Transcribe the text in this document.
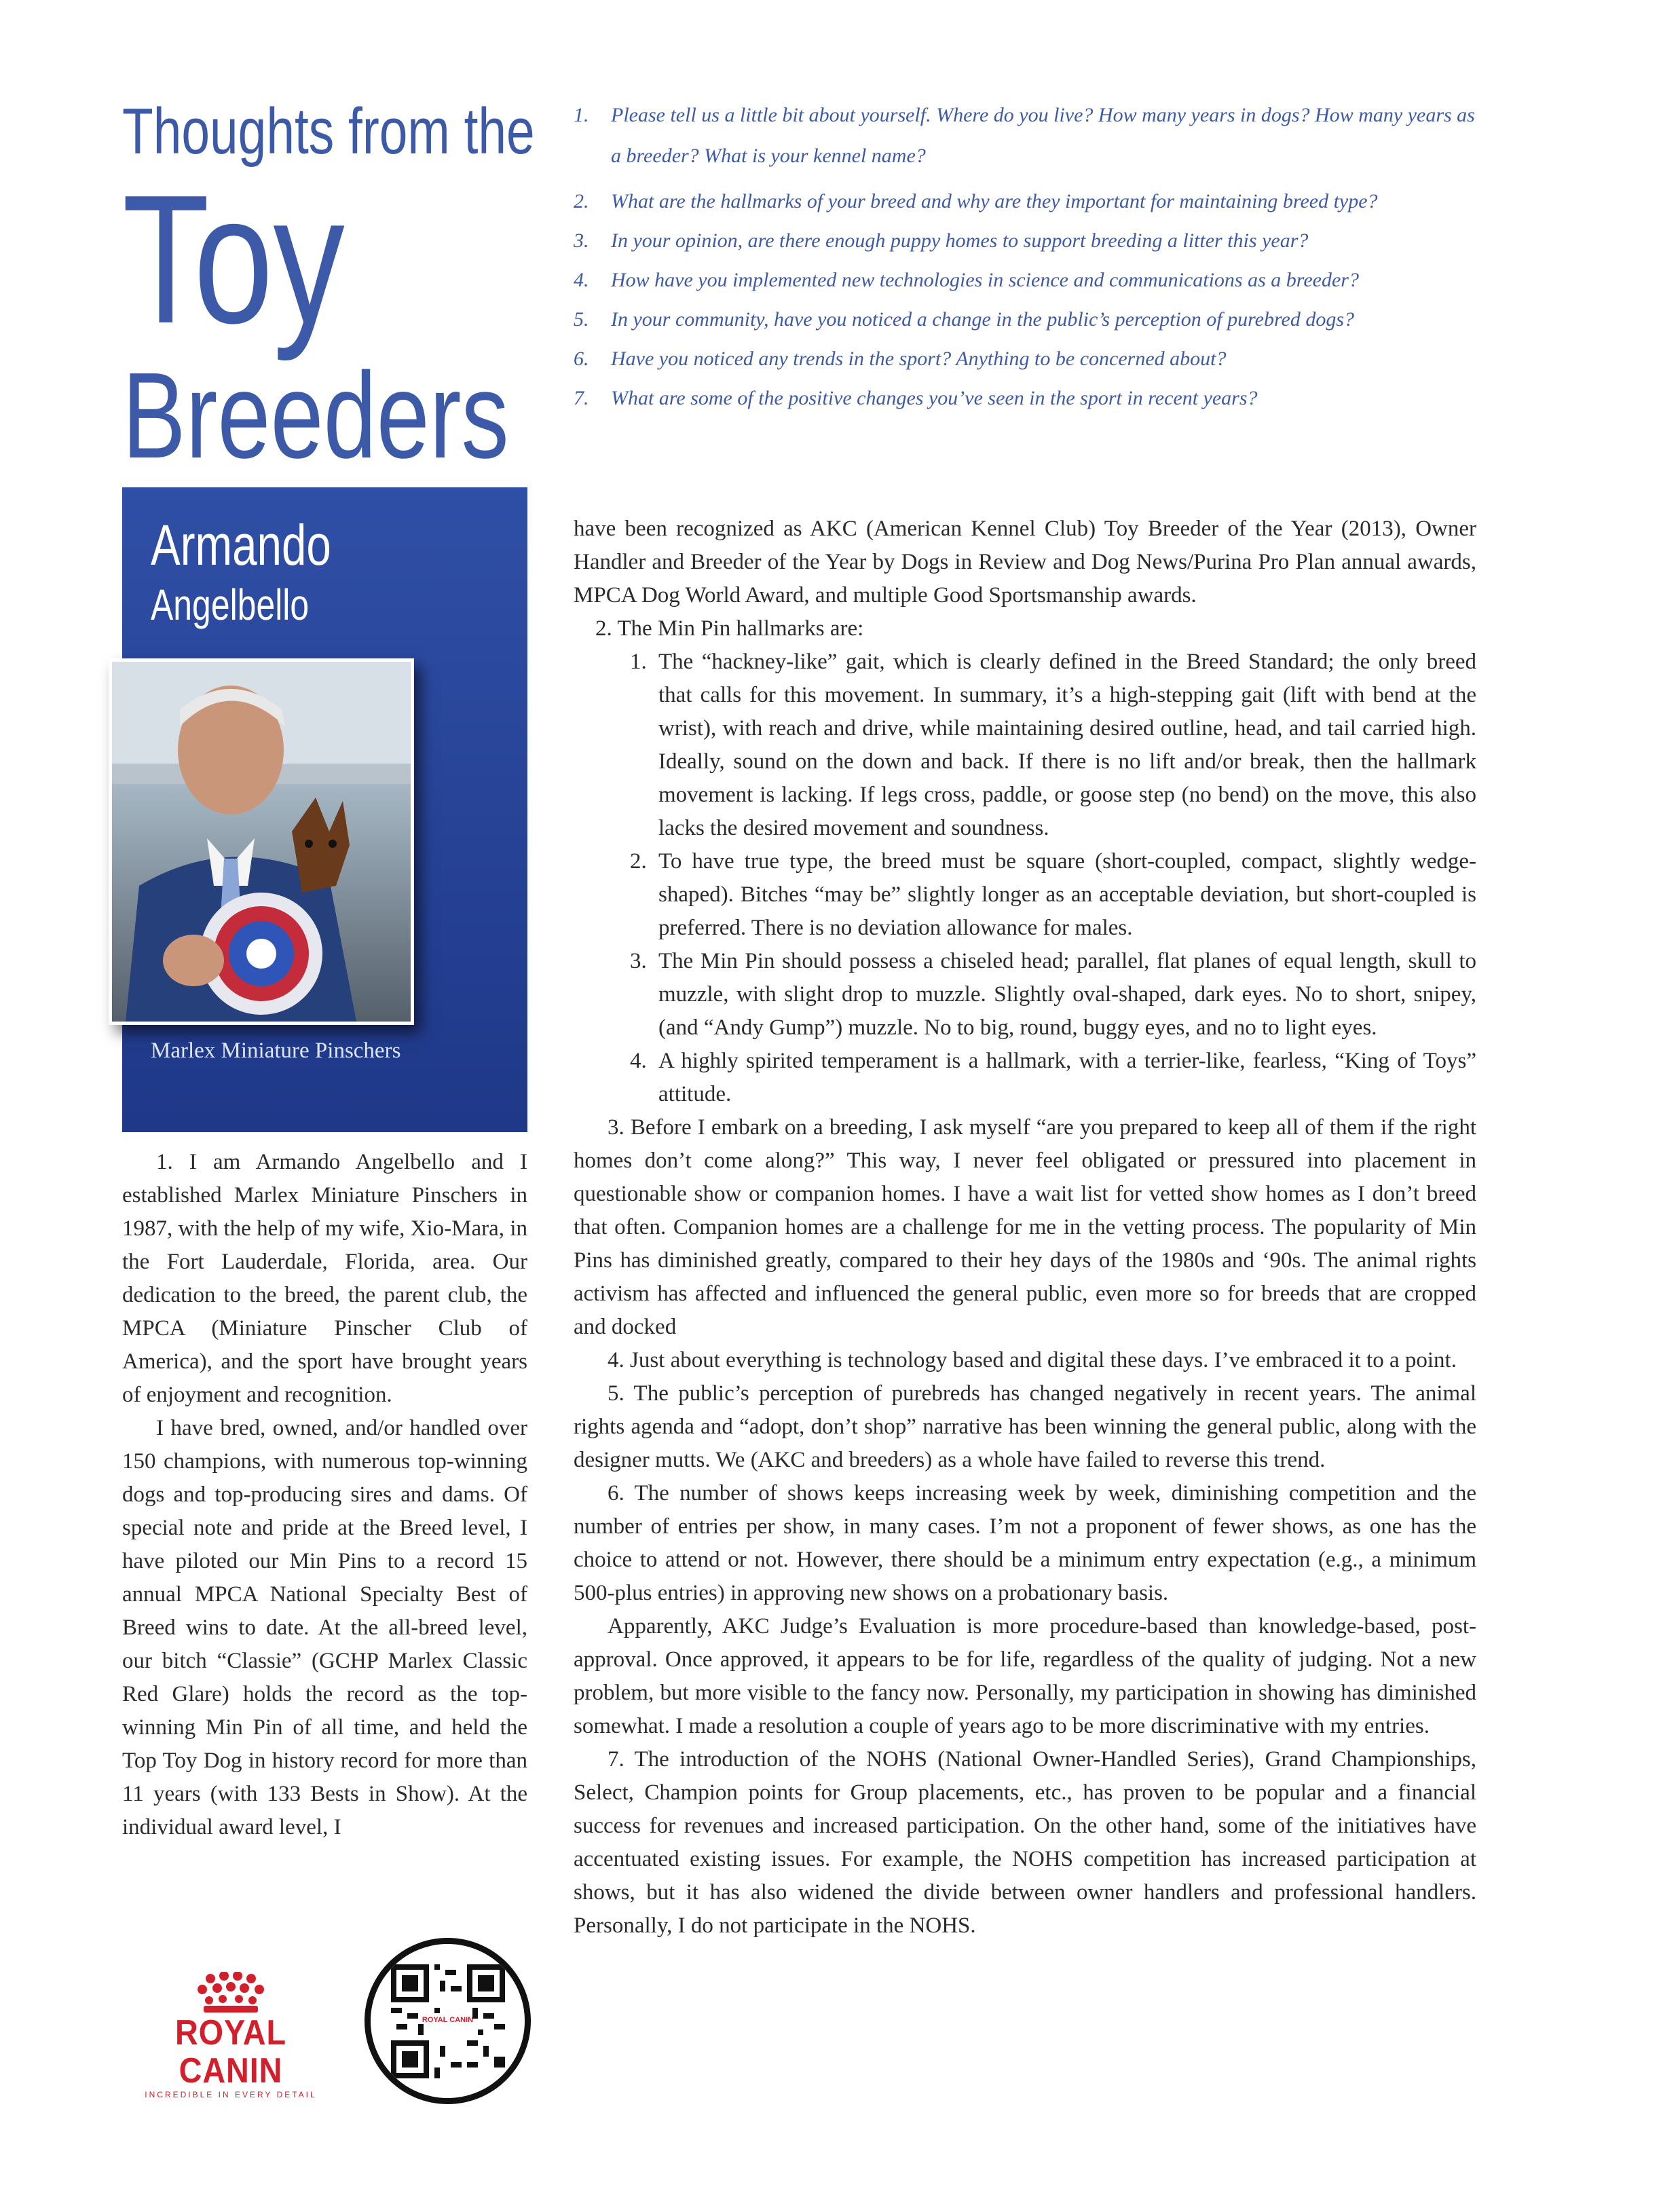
Thoughts from the
Toy
Breeders
1. Please tell us a little bit about yourself. Where do you live? How many years in dogs? How many years as a breeder? What is your kennel name?
2. What are the hallmarks of your breed and why are they important for maintaining breed type?
3. In your opinion, are there enough puppy homes to support breeding a litter this year?
4. How have you implemented new technologies in science and communications as a breeder?
5. In your community, have you noticed a change in the public’s perception of purebred dogs?
6. Have you noticed any trends in the sport? Anything to be concerned about?
7. What are some of the positive changes you’ve seen in the sport in recent years?
Armando
Angelbello
Marlex Miniature Pinschers

1. I am Armando Angelbello and I established Marlex Miniature Pinschers in 1987, with the help of my wife, Xio-Mara, in the Fort Lauderdale, Florida, area. Our dedication to the breed, the parent club, the MPCA (Miniature Pinscher Club of America), and the sport have brought years of enjoyment and recognition.

I have bred, owned, and/or handled over 150 champions, with numerous top-winning dogs and top-producing sires and dams. Of special note and pride at the Breed level, I have piloted our Min Pins to a record 15 annual MPCA National Specialty Best of Breed wins to date. At the all-breed level, our bitch “Classie” (GCHP Marlex Classic Red Glare) holds the record as the top-winning Min Pin of all time, and held the Top Toy Dog in history record for more than 11 years (with 133 Bests in Show). At the individual award level, I

have been recognized as AKC (American Kennel Club) Toy Breeder of the Year (2013), Owner Handler and Breeder of the Year by Dogs in Review and Dog News/Purina Pro Plan annual awards, MPCA Dog World Award, and multiple Good Sportsmanship awards.

2. The Min Pin hallmarks are:

1. The “hackney-like” gait, which is clearly defined in the Breed Standard; the only breed that calls for this movement. In summary, it’s a high-stepping gait (lift with bend at the wrist), with reach and drive, while maintaining desired outline, head, and tail carried high. Ideally, sound on the down and back. If there is no lift and/or break, then the hallmark movement is lacking. If legs cross, paddle, or goose step (no bend) on the move, this also lacks the desired movement and soundness.
2. To have true type, the breed must be square (short-coupled, compact, slightly wedge-shaped). Bitches “may be” slightly longer as an acceptable deviation, but short-coupled is preferred. There is no deviation allowance for males.
3. The Min Pin should possess a chiseled head; parallel, flat planes of equal length, skull to muzzle, with slight drop to muzzle. Slightly oval-shaped, dark eyes. No to short, snipey, (and “Andy Gump”) muzzle. No to big, round, buggy eyes, and no to light eyes.
4. A highly spirited temperament is a hallmark, with a terrier-like, fearless, “King of Toys” attitude.

3. Before I embark on a breeding, I ask myself “are you prepared to keep all of them if the right homes don’t come along?” This way, I never feel obligated or pressured into placement in questionable show or companion homes. I have a wait list for vetted show homes as I don’t breed that often. Companion homes are a challenge for me in the vetting process. The popularity of Min Pins has diminished greatly, compared to their hey days of the 1980s and ‘90s. The animal rights activism has affected and influenced the general public, even more so for breeds that are cropped and docked

4. Just about everything is technology based and digital these days. I’ve embraced it to a point.

5. The public’s perception of purebreds has changed negatively in recent years. The animal rights agenda and “adopt, don’t shop” narrative has been winning the general public, along with the designer mutts. We (AKC and breeders) as a whole have failed to reverse this trend.

6. The number of shows keeps increasing week by week, diminishing competition and the number of entries per show, in many cases. I’m not a proponent of fewer shows, as one has the choice to attend or not. However, there should be a minimum entry expectation (e.g., a minimum 500-plus entries) in approving new shows on a probationary basis.

Apparently, AKC Judge’s Evaluation is more procedure-based than knowledge-based, post-approval. Once approved, it appears to be for life, regardless of the quality of judging. Not a new problem, but more visible to the fancy now. Personally, my participation in showing has diminished somewhat. I made a resolution a couple of years ago to be more discriminative with my entries.

7. The introduction of the NOHS (National Owner-Handled Series), Grand Championships, Select, Champion points for Group placements, etc., has proven to be popular and a financial success for revenues and increased participation. On the other hand, some of the initiatives have accentuated existing issues. For example, the NOHS competition has increased participation at shows, but it has also widened the divide between owner handlers and professional handlers. Personally, I do not participate in the NOHS.

ROYAL CANIN
INCREDIBLE IN EVERY DETAIL
ROYAL CANIN
